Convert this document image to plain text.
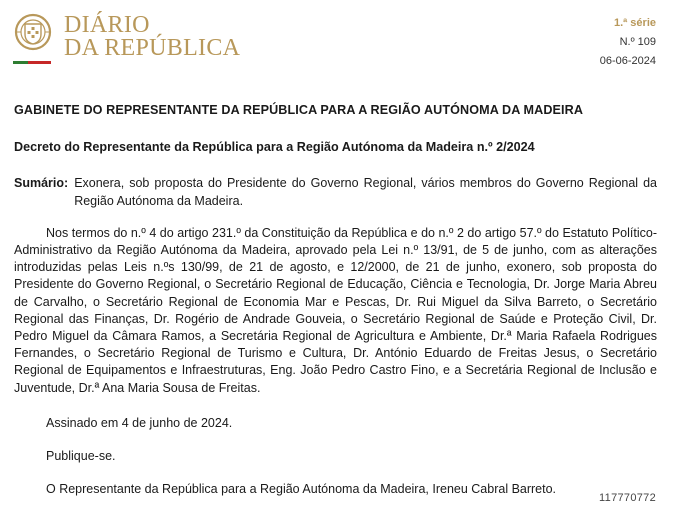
DIÁRIO
DA REPÚBLICA
1.ª série
N.º 109
06-06-2024
GABINETE DO REPRESENTANTE DA REPÚBLICA PARA A REGIÃO AUTÓNOMA DA MADEIRA
Decreto do Representante da República para a Região Autónoma da Madeira n.º 2/2024
Sumário: Exonera, sob proposta do Presidente do Governo Regional, vários membros do Governo Regional da Região Autónoma da Madeira.
Nos termos do n.º 4 do artigo 231.º da Constituição da República e do n.º 2 do artigo 57.º do Estatuto Político-Administrativo da Região Autónoma da Madeira, aprovado pela Lei n.º 13/91, de 5 de junho, com as alterações introduzidas pelas Leis n.ºs 130/99, de 21 de agosto, e 12/2000, de 21 de junho, exonero, sob proposta do Presidente do Governo Regional, o Secretário Regional de Educação, Ciência e Tecnologia, Dr. Jorge Maria Abreu de Carvalho, o Secretário Regional de Economia Mar e Pescas, Dr. Rui Miguel da Silva Barreto, o Secretário Regional das Finanças, Dr. Rogério de Andrade Gouveia, o Secretário Regional de Saúde e Proteção Civil, Dr. Pedro Miguel da Câmara Ramos, a Secretária Regional de Agricultura e Ambiente, Dr.ª Maria Rafaela Rodrigues Fernandes, o Secretário Regional de Turismo e Cultura, Dr. António Eduardo de Freitas Jesus, o Secretário Regional de Equipamentos e Infraestruturas, Eng. João Pedro Castro Fino, e a Secretária Regional de Inclusão e Juventude, Dr.ª Ana Maria Sousa de Freitas.
Assinado em 4 de junho de 2024.
Publique-se.
O Representante da República para a Região Autónoma da Madeira, Ireneu Cabral Barreto.
117770772
